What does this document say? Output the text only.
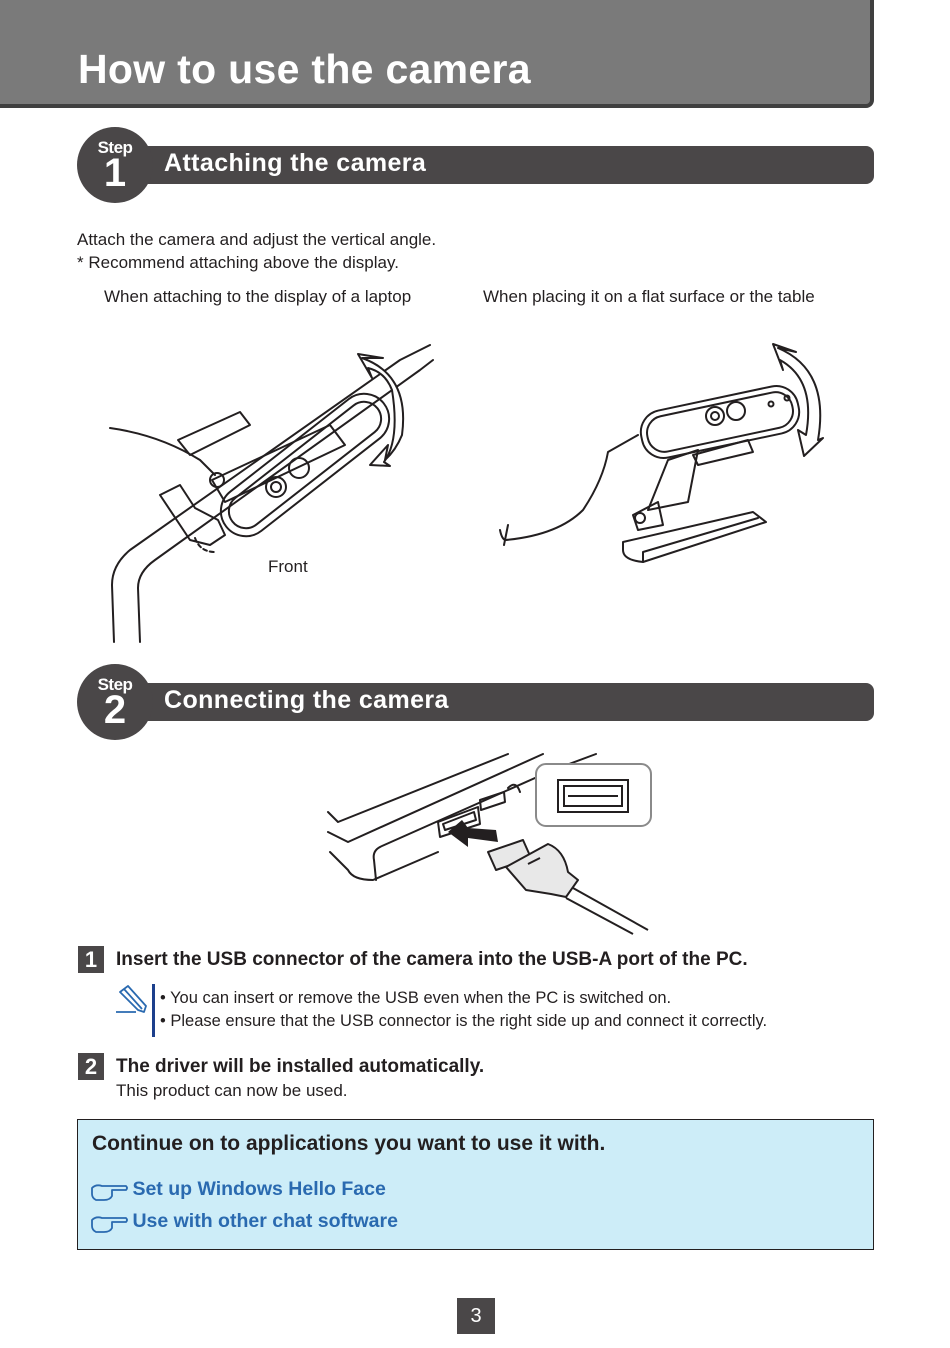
How to use the camera
Step
1	Attaching the camera
Attach the camera and adjust the vertical angle.
* Recommend attaching above the display.
When attaching to the display of a laptop	When placing it on a flat surface or the table
Front
Step
2	Connecting the camera
1 Insert the USB connector of the camera into the USB-A port of the PC.
• You can insert or remove the USB even when the PC is switched on.
• Please ensure that the USB connector is the right side up and connect it correctly.
2 The driver will be installed automatically.
This product can now be used.
Continue on to applications you want to use it with.
Set up Windows Hello Face
Use with other chat software
3
